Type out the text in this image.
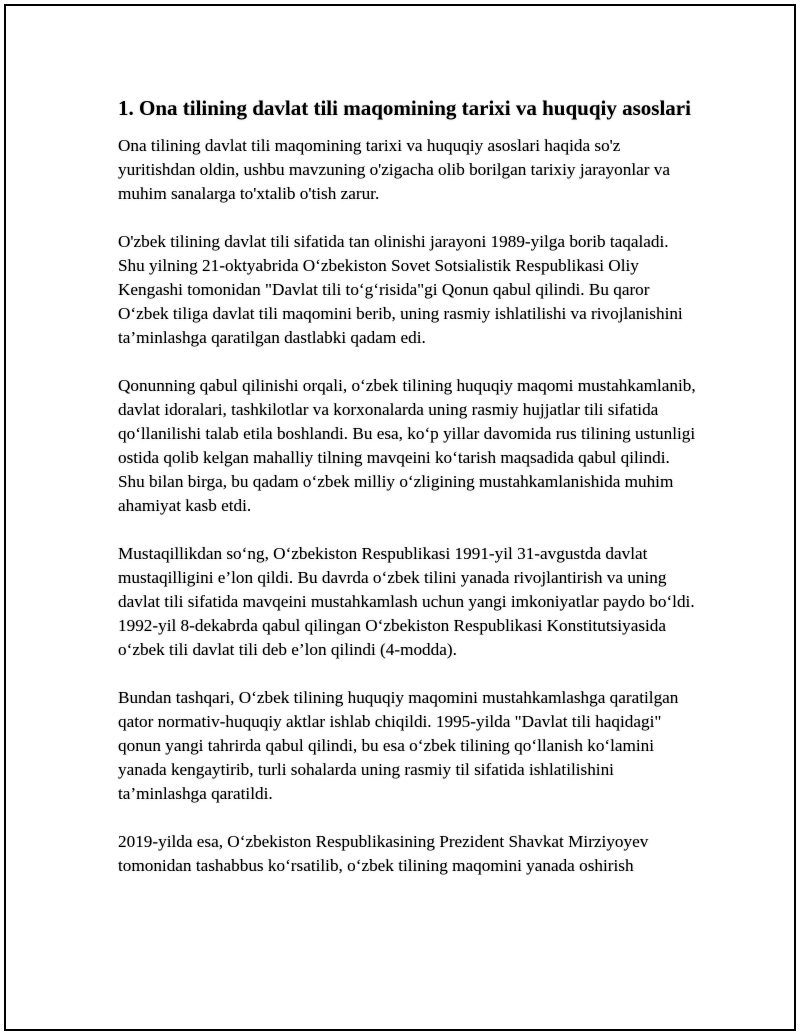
1. Ona tilining davlat tili maqomining tarixi va huquqiy asoslari

Ona tilining davlat tili maqomining tarixi va huquqiy asoslari haqida so'z yuritishdan oldin, ushbu mavzuning o'zigacha olib borilgan tarixiy jarayonlar va muhim sanalarga to'xtalib o'tish zarur.

O'zbek tilining davlat tili sifatida tan olinishi jarayoni 1989-yilga borib taqaladi. Shu yilning 21-oktyabrida O‘zbekiston Sovet Sotsialistik Respublikasi Oliy Kengashi tomonidan "Davlat tili to‘g‘risida"gi Qonun qabul qilindi. Bu qaror O‘zbek tiliga davlat tili maqomini berib, uning rasmiy ishlatilishi va rivojlanishini ta’minlashga qaratilgan dastlabki qadam edi.

Qonunning qabul qilinishi orqali, o‘zbek tilining huquqiy maqomi mustahkamlanib, davlat idoralari, tashkilotlar va korxonalarda uning rasmiy hujjatlar tili sifatida qo‘llanilishi talab etila boshlandi. Bu esa, ko‘p yillar davomida rus tilining ustunligi ostida qolib kelgan mahalliy tilning mavqeini ko‘tarish maqsadida qabul qilindi. Shu bilan birga, bu qadam o‘zbek milliy o‘zligining mustahkamlanishida muhim ahamiyat kasb etdi.

Mustaqillikdan so‘ng, O‘zbekiston Respublikasi 1991-yil 31-avgustda davlat mustaqilligini e’lon qildi. Bu davrda o‘zbek tilini yanada rivojlantirish va uning davlat tili sifatida mavqeini mustahkamlash uchun yangi imkoniyatlar paydo bo‘ldi. 1992-yil 8-dekabrda qabul qilingan O‘zbekiston Respublikasi Konstitutsiyasida o‘zbek tili davlat tili deb e’lon qilindi (4-modda).

Bundan tashqari, O‘zbek tilining huquqiy maqomini mustahkamlashga qaratilgan qator normativ-huquqiy aktlar ishlab chiqildi. 1995-yilda "Davlat tili haqidagi" qonun yangi tahrirda qabul qilindi, bu esa o‘zbek tilining qo‘llanish ko‘lamini yanada kengaytirib, turli sohalarda uning rasmiy til sifatida ishlatilishini ta’minlashga qaratildi.

2019-yilda esa, O‘zbekiston Respublikasining Prezident Shavkat Mirziyoyev tomonidan tashabbus ko‘rsatilib, o‘zbek tilining maqomini yanada oshirish
